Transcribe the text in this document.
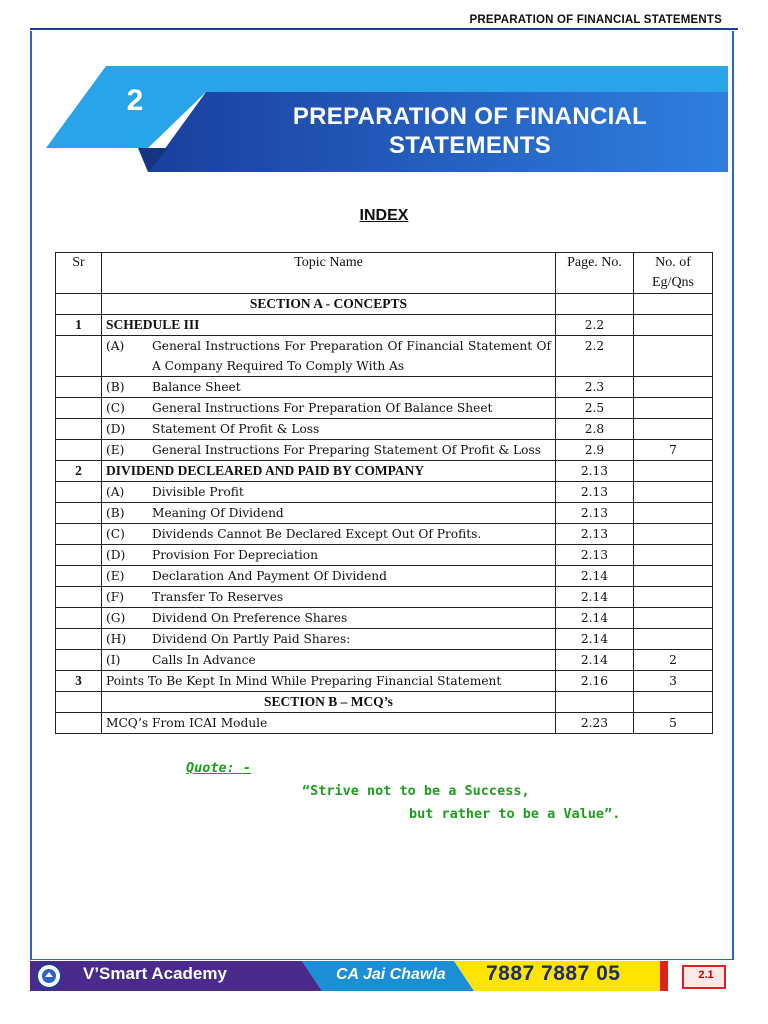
PREPARATION OF FINANCIAL STATEMENTS
2	PREPARATION OF FINANCIAL
STATEMENTS
INDEX
Sr	Topic Name	Page. No.	No. of
Eg/Qns

	SECTION A - CONCEPTS		
1	SCHEDULE III	2.2	

	(A) General Instructions For Preparation Of Financial Statement Of A Company Required To Comply With As	2.2	

	(B) Balance Sheet	2.3	

	(C) General Instructions For Preparation Of Balance Sheet	2.5	

	(D) Statement Of Profit & Loss	2.8	

	(E) General Instructions For Preparing Statement Of Profit & Loss	2.9	7
2	DIVIDEND DECLEARED AND PAID BY COMPANY	2.13	

	(A) Divisible Profit	2.13	

	(B) Meaning Of Dividend	2.13	

	(C) Dividends Cannot Be Declared Except Out Of Profits.	2.13	

	(D) Provision For Depreciation	2.13	

	(E) Declaration And Payment Of Dividend	2.14	

	(F) Transfer To Reserves	2.14	

	(G) Dividend On Preference Shares	2.14	

	(H) Dividend On Partly Paid Shares:	2.14	

	(I) Calls In Advance	2.14	2
3	Points To Be Kept In Mind While Preparing Financial Statement	2.16	3
	SECTION B – MCQ’s		
	MCQ’s From ICAI Module	2.23	5
Quote: -
“Strive not to be a Success,
but rather to be a Value”.
V’Smart Academy	CA Jai Chawla 7887 7887 05	2.1
